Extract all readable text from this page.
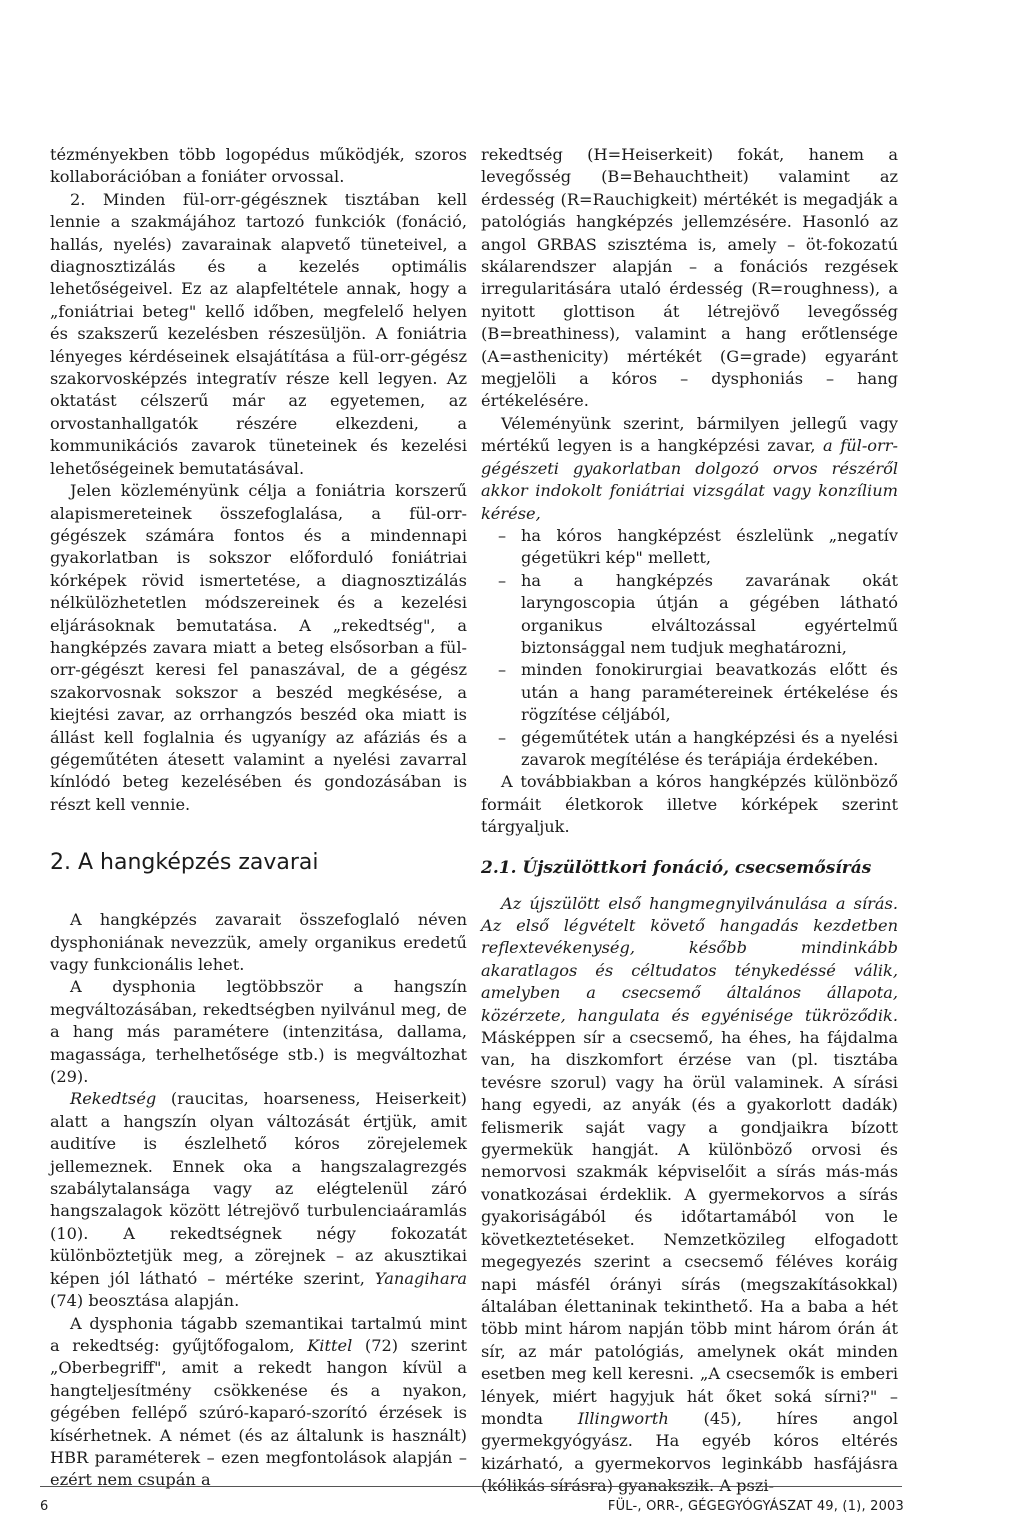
tézményekben több logopédus működjék, szoros kollaborációban a foniáter orvossal.

2. Minden fül-orr-gégésznek tisztában kell lennie a szakmájához tartozó funkciók (fonáció, hallás, nyelés) zavarainak alapvető tüneteivel, a diagnosztizálás és a kezelés optimális lehetőségeivel. Ez az alapfeltétele annak, hogy a „foniátriai beteg" kellő időben, megfelelő helyen és szakszerű kezelésben részesüljön. A foniátria lényeges kérdéseinek elsajátítása a fül-orr-gégész szakorvosképzés integratív része kell legyen. Az oktatást célszerű már az egyetemen, az orvostanhallgatók részére elkezdeni, a kommunikációs zavarok tüneteinek és kezelési lehetőségeinek bemutatásával.

Jelen közleményünk célja a foniátria korszerű alapismereteinek összefoglalása, a fül-orr-gégészek számára fontos és a mindennapi gyakorlatban is sokszor előforduló foniátriai kórképek rövid ismertetése, a diagnosztizálás nélkülözhetetlen módszereinek és a kezelési eljárásoknak bemutatása. A „rekedtség", a hangképzés zavara miatt a beteg elsősorban a fül-orr-gégészt keresi fel panaszával, de a gégész szakorvosnak sokszor a beszéd megkésése, a kiejtési zavar, az orrhangzós beszéd oka miatt is állást kell foglalnia és ugyanígy az afáziás és a gégeműtéten átesett valamint a nyelési zavarral kínlódó beteg kezelésében és gondozásában is részt kell vennie.

2. A hangképzés zavarai

A hangképzés zavarait összefoglaló néven dysphoniának nevezzük, amely organikus eredetű vagy funkcionális lehet.

A dysphonia legtöbbször a hangszín megváltozásában, rekedtségben nyilvánul meg, de a hang más paramétere (intenzitása, dallama, magassága, terhelhetősége stb.) is megváltozhat (29).

Rekedtség (raucitas, hoarseness, Heiserkeit) alatt a hangszín olyan változását értjük, amit auditíve is észlelhető kóros zörejelemek jellemeznek. Ennek oka a hangszalagrezgés szabálytalansága vagy az elégtelenül záró hangszalagok között létrejövő turbulenciaáramlás (10). A rekedtségnek négy fokozatát különböztetjük meg, a zörejnek – az akusztikai képen jól látható – mértéke szerint, Yanagihara (74) beosztása alapján.

A dysphonia tágabb szemantikai tartalmú mint a rekedtség: gyűjtőfogalom, Kittel (72) szerint „Oberbegriff", amit a rekedt hangon kívül a hangteljesítmény csökkenése és a nyakon, gégében fellépő szúró-kaparó-szorító érzések is kísérhetnek. A német (és az általunk is használt) HBR paraméterek – ezen megfontolások alapján – ezért nem csupán a

rekedtség (H=Heiserkeit) fokát, hanem a levegősség (B=Behauchtheit) valamint az érdesség (R=Rauchigkeit) mértékét is megadják a patológiás hangképzés jellemzésére. Hasonló az angol GRBAS szisztéma is, amely – öt-fokozatú skálarendszer alapján – a fonációs rezgések irregularitására utaló érdesség (R=roughness), a nyitott glottison át létrejövő levegősség (B=breathiness), valamint a hang erőtlensége (A=asthenicity) mértékét (G=grade) egyaránt megjelöli a kóros – dysphoniás – hang értékelésére.

Véleményünk szerint, bármilyen jellegű vagy mértékű legyen is a hangképzési zavar, a fül-orr-gégészeti gyakorlatban dolgozó orvos részéről akkor indokolt foniátriai vizsgálat vagy konzílium kérése,

– ha kóros hangképzést észlelünk „negatív gégetükri kép" mellett,
– ha a hangképzés zavarának okát laryngoscopia útján a gégében látható organikus elváltozással egyértelmű biztonsággal nem tudjuk meghatározni,
– minden fonokirurgiai beavatkozás előtt és után a hang paramétereinek értékelése és rögzítése céljából,
– gégeműtétek után a hangképzési és a nyelési zavarok megítélése és terápiája érdekében.

A továbbiakban a kóros hangképzés különböző formáit életkorok illetve kórképek szerint tárgyaljuk.

2.1. Újszülöttkori fonáció, csecsemősírás

Az újszülött első hangmegnyilvánulása a sírás. Az első légvételt követő hangadás kezdetben reflextevékenység, később mindinkább akaratlagos és céltudatos ténykedéssé válik, amelyben a csecsemő általános állapota, közérzete, hangulata és egyénisége tükröződik. Másképpen sír a csecsemő, ha éhes, ha fájdalma van, ha diszkomfort érzése van (pl. tisztába tevésre szorul) vagy ha örül valaminek. A sírási hang egyedi, az anyák (és a gyakorlott dadák) felismerik saját vagy a gondjaikra bízott gyermekük hangját. A különböző orvosi és nemorvosi szakmák képviselőit a sírás más-más vonatkozásai érdeklik. A gyermekorvos a sírás gyakoriságából és időtartamából von le következtetéseket. Nemzetközileg elfogadott megegyezés szerint a csecsemő féléves koráig napi másfél órányi sírás (megszakításokkal) általában élettaninak tekinthető. Ha a baba a hét több mint három napján több mint három órán át sír, az már patológiás, amelynek okát minden esetben meg kell keresni. „A csecsemők is emberi lények, miért hagyjuk hát őket soká sírni?" – mondta Illingworth (45), híres angol gyermekgyógyász. Ha egyéb kóros eltérés kizárható, a gyermekorvos leginkább hasfájásra (kólikás sírásra) gyanakszik. A pszi-

6	FÜL-, ORR-, GÉGEGYÓGYÁSZAT 49, (1), 2003
